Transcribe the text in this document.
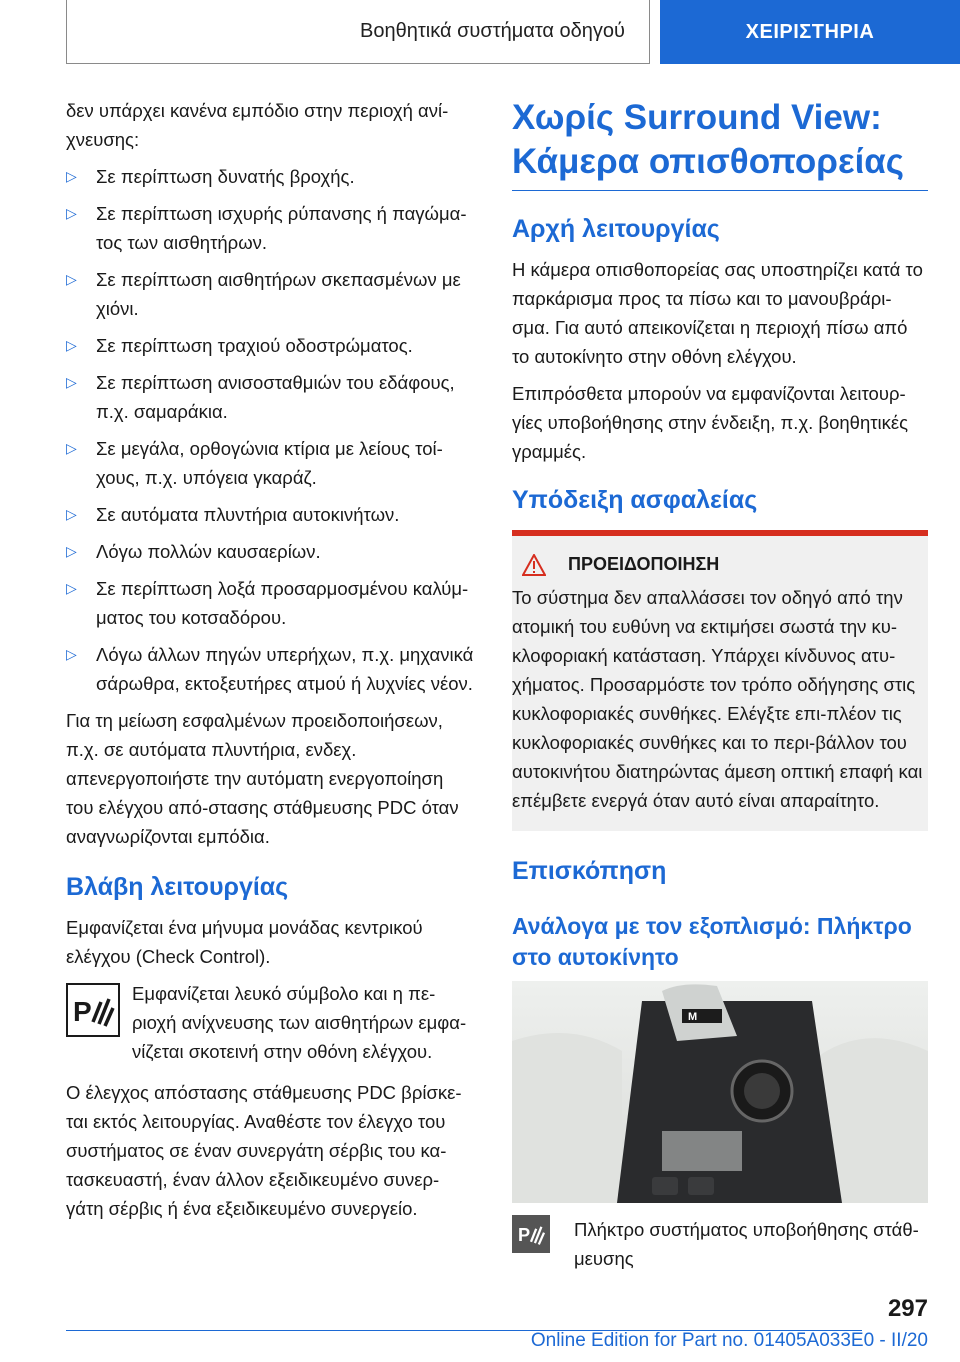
Βοηθητικά συστήματα οδηγού	ΧΕΙΡΙΣΤΗΡΙΑ

δεν υπάρχει κανένα εμπόδιο στην περιοχή ανί-χνευσης:

▷ Σε περίπτωση δυνατής βροχής.
▷ Σε περίπτωση ισχυρής ρύπανσης ή παγώμα-τος των αισθητήρων.
▷ Σε περίπτωση αισθητήρων σκεπασμένων με χιόνι.
▷ Σε περίπτωση τραχιού οδοστρώματος.
▷ Σε περίπτωση ανισοσταθμιών του εδάφους, π.χ. σαμαράκια.
▷ Σε μεγάλα, ορθογώνια κτίρια με λείους τοί-χους, π.χ. υπόγεια γκαράζ.
▷ Σε αυτόματα πλυντήρια αυτοκινήτων.
▷ Λόγω πολλών καυσαερίων.
▷ Σε περίπτωση λοξά προσαρμοσμένου καλύμ-ματος του κοτσαδόρου.
▷ Λόγω άλλων πηγών υπερήχων, π.χ. μηχανικά σάρωθρα, εκτοξευτήρες ατμού ή λυχνίες νέον.

Για τη μείωση εσφαλμένων προειδοποιήσεων, π.χ. σε αυτόματα πλυντήρια, ενδεχ. απενεργοποιήστε την αυτόματη ενεργοποίηση του ελέγχου από-στασης στάθμευσης PDC όταν αναγνωρίζονται εμπόδια.

Βλάβη λειτουργίας

Εμφανίζεται ένα μήνυμα μονάδας κεντρικού ελέγχου (Check Control).

P
Εμφανίζεται λευκό σύμβολο και η πε-ριοχή ανίχνευσης των αισθητήρων εμφα-νίζεται σκοτεινή στην οθόνη ελέγχου.

Ο έλεγχος απόστασης στάθμευσης PDC βρίσκε-ται εκτός λειτουργίας. Αναθέστε τον έλεγχο του συστήματος σε έναν συνεργάτη σέρβις του κα-τασκευαστή, έναν άλλον εξειδικευμένο συνερ-γάτη σέρβις ή ένα εξειδικευμένο συνεργείο.

Χωρίς Surround View: Κάμερα οπισθοπορείας
Αρχή λειτουργίας

Η κάμερα οπισθοπορείας σας υποστηρίζει κατά το παρκάρισμα προς τα πίσω και το μανουβράρι-σμα. Για αυτό απεικονίζεται η περιοχή πίσω από το αυτοκίνητο στην οθόνη ελέγχου.

Επιπρόσθετα μπορούν να εμφανίζονται λειτουρ-γίες υποβοήθησης στην ένδειξη, π.χ. βοηθητικές γραμμές.

Υπόδειξη ασφαλείας
ΠΡΟΕΙΔΟΠΟΙΗΣΗ

Το σύστημα δεν απαλλάσσει τον οδηγό από την ατομική του ευθύνη να εκτιμήσει σωστά την κυ-κλοφοριακή κατάσταση. Υπάρχει κίνδυνος ατυ-χήματος. Προσαρμόστε τον τρόπο οδήγησης στις κυκλοφοριακές συνθήκες. Ελέγξτε επι-πλέον τις κυκλοφοριακές συνθήκες και το περι-βάλλον του αυτοκινήτου διατηρώντας άμεση οπτική επαφή και επέμβετε ενεργά όταν αυτό είναι απαραίτητο.

Επισκόπηση
Ανάλογα με τον εξοπλισμό: Πλήκτρο στο αυτοκίνητο
M
P Πλήκτρο συστήματος υποβοήθησης στάθ-μευσης
297
Online Edition for Part no. 01405A033E0 - II/20
